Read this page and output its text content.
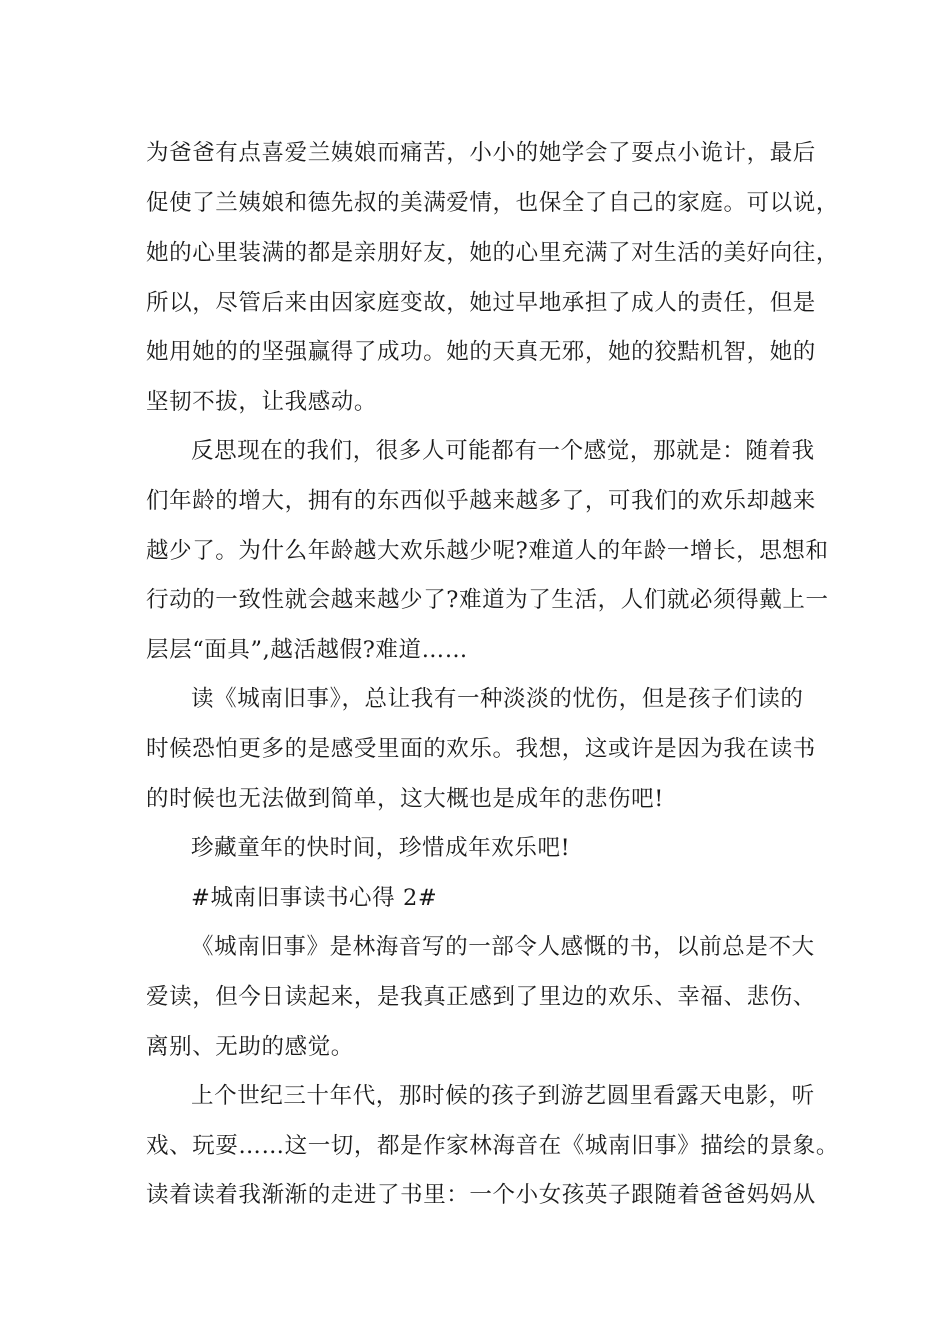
为爸爸有点喜爱兰姨娘而痛苦，小小的她学会了耍点小诡计，最后
促使了兰姨娘和德先叔的美满爱情，也保全了自己的家庭。可以说，
她的心里装满的都是亲朋好友，她的心里充满了对生活的美好向往，
所以，尽管后来由因家庭变故，她过早地承担了成人的责任，但是
她用她的的坚强赢得了成功。她的天真无邪，她的狡黠机智，她的
坚韧不拔，让我感动。
反思现在的我们，很多人可能都有一个感觉，那就是：随着我
们年龄的增大，拥有的东西似乎越来越多了，可我们的欢乐却越来
越少了。为什么年龄越大欢乐越少呢?难道人的年龄一增长，思想和
行动的一致性就会越来越少了?难道为了生活，人们就必须得戴上一
层层“面具”,越活越假?难道……
读《城南旧事》，总让我有一种淡淡的忧伤，但是孩子们读的
时候恐怕更多的是感受里面的欢乐。我想，这或许是因为我在读书
的时候也无法做到简单，这大概也是成年的悲伤吧!
珍藏童年的快时间，珍惜成年欢乐吧!
#城南旧事读书心得 2#
《城南旧事》是林海音写的一部令人感慨的书，以前总是不大
爱读，但今日读起来，是我真正感到了里边的欢乐、幸福、悲伤、
离别、无助的感觉。
上个世纪三十年代，那时候的孩子到游艺圆里看露天电影，听
戏、玩耍……这一切，都是作家林海音在《城南旧事》描绘的景象。
读着读着我渐渐的走进了书里：一个小女孩英子跟随着爸爸妈妈从
